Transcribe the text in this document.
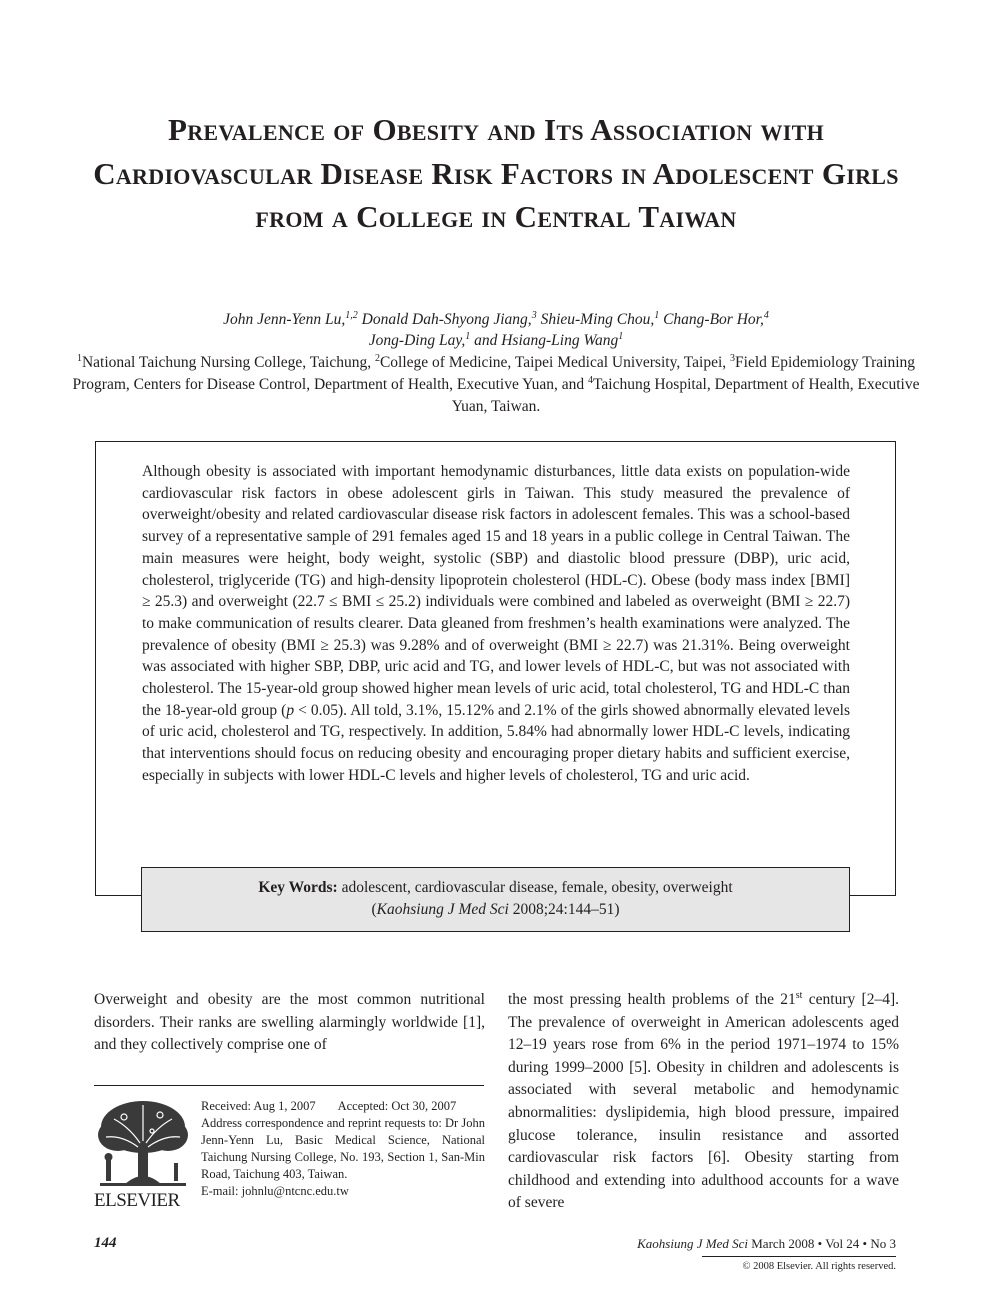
Prevalence of Obesity and Its Association with Cardiovascular Disease Risk Factors in Adolescent Girls from a College in Central Taiwan
John Jenn-Yenn Lu,$^{1,2}$ Donald Dah-Shyong Jiang,$^3$ Shieu-Ming Chou,$^1$ Chang-Bor Hor,$^4$
Jong-Ding Lay,$^1$ and Hsiang-Ling Wang$^1$
$^1$National Taichung Nursing College, Taichung, $^2$College of Medicine, Taipei Medical University, Taipei, $^3$Field Epidemiology Training Program, Centers for Disease Control, Department of Health, Executive Yuan, and $^4$Taichung Hospital, Department of Health, Executive Yuan, Taiwan.

Although obesity is associated with important hemodynamic disturbances, little data exists on population-wide cardiovascular risk factors in obese adolescent girls in Taiwan. This study measured the prevalence of overweight/obesity and related cardiovascular disease risk factors in adolescent females. This was a school-based survey of a representative sample of 291 females aged 15 and 18 years in a public college in Central Taiwan. The main measures were height, body weight, systolic (SBP) and diastolic blood pressure (DBP), uric acid, cholesterol, triglyceride (TG) and high-density lipoprotein cholesterol (HDL-C). Obese (body mass index [BMI] ≥ 25.3) and overweight (22.7 ≤ BMI ≤ 25.2) individuals were combined and labeled as overweight (BMI ≥ 22.7) to make communication of results clearer. Data gleaned from freshmen’s health examinations were analyzed. The prevalence of obesity (BMI ≥ 25.3) was 9.28% and of overweight (BMI ≥ 22.7) was 21.31%. Being overweight was associated with higher SBP, DBP, uric acid and TG, and lower levels of HDL-C, but was not associated with cholesterol. The 15-year-old group showed higher mean levels of uric acid, total cholesterol, TG and HDL-C than the 18-year-old group (p < 0.05). All told, 3.1%, 15.12% and 2.1% of the girls showed abnormally elevated levels of uric acid, cholesterol and TG, respectively. In addition, 5.84% had abnormally lower HDL-C levels, indicating that interventions should focus on reducing obesity and encouraging proper dietary habits and sufficient exercise, especially in subjects with lower HDL-C levels and higher levels of cholesterol, TG and uric acid.

Key Words: adolescent, cardiovascular disease, female, obesity, overweight
(Kaohsiung J Med Sci 2008;24:144–51)

Overweight and obesity are the most common nutritional disorders. Their ranks are swelling alarmingly worldwide [1], and they collectively comprise one of

the most pressing health problems of the 21st century [2–4]. The prevalence of overweight in American adolescents aged 12–19 years rose from 6% in the period 1971–1974 to 15% during 1999–2000 [5]. Obesity in children and adolescents is associated with several metabolic and hemodynamic abnormalities: dyslipidemia, high blood pressure, impaired glucose tolerance, insulin resistance and assorted cardiovascular risk factors [6]. Obesity starting from childhood and extending into adulthood accounts for a wave of severe

ELSEVIER
Received: Aug 1, 2007 Accepted: Oct 30, 2007
Address correspondence and reprint requests to: Dr John Jenn-Yenn Lu, Basic Medical Science, National Taichung Nursing College, No. 193, Section 1, San-Min Road, Taichung 403, Taiwan.
E-mail: johnlu@ntcnc.edu.tw
144	Kaohsiung J Med Sci March 2008 • Vol 24 • No 3
© 2008 Elsevier. All rights reserved.
